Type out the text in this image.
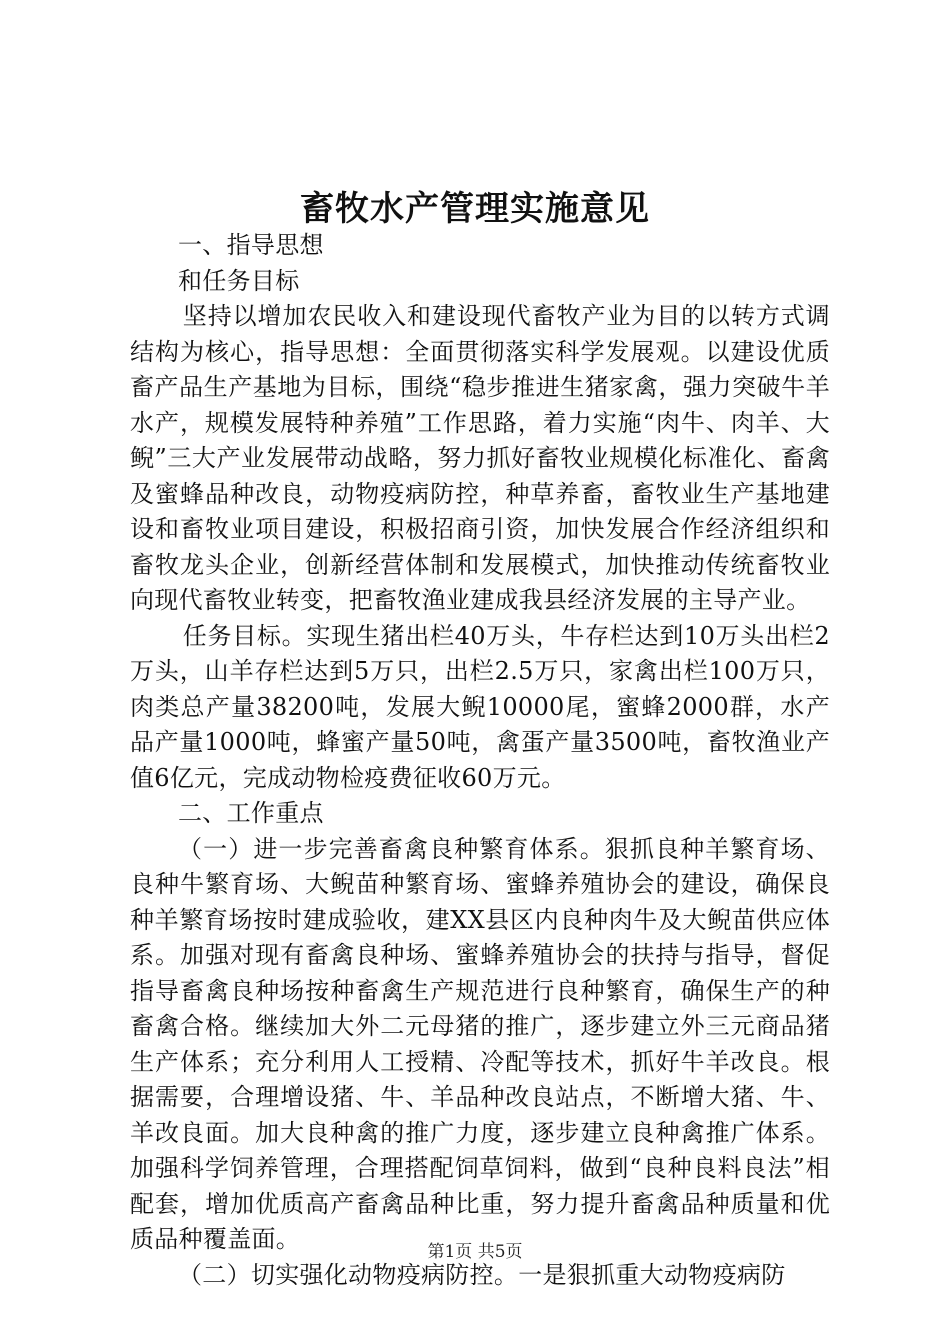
畜牧水产管理实施意见

一、指导思想

和任务目标

坚持以增加农民收入和建设现代畜牧产业为目的以转方式调结构为核心，指导思想：全面贯彻落实科学发展观。以建设优质畜产品生产基地为目标，围绕“稳步推进生猪家禽，强力突破牛羊水产，规模发展特种养殖”工作思路，着力实施“肉牛、肉羊、大鲵”三大产业发展带动战略，努力抓好畜牧业规模化标准化、畜禽及蜜蜂品种改良，动物疫病防控，种草养畜，畜牧业生产基地建设和畜牧业项目建设，积极招商引资，加快发展合作经济组织和畜牧龙头企业，创新经营体制和发展模式，加快推动传统畜牧业向现代畜牧业转变，把畜牧渔业建成我县经济发展的主导产业。

任务目标。实现生猪出栏40万头，牛存栏达到10万头出栏2万头，山羊存栏达到5万只，出栏2.5万只，家禽出栏100万只，肉类总产量38200吨，发展大鲵10000尾，蜜蜂2000群，水产品产量1000吨，蜂蜜产量50吨，禽蛋产量3500吨，畜牧渔业产值6亿元，完成动物检疫费征收60万元。

二、工作重点

（一）进一步完善畜禽良种繁育体系。狠抓良种羊繁育场、良种牛繁育场、大鲵苗种繁育场、蜜蜂养殖协会的建设，确保良种羊繁育场按时建成验收，建XX县区内良种肉牛及大鲵苗供应体系。加强对现有畜禽良种场、蜜蜂养殖协会的扶持与指导，督促指导畜禽良种场按种畜禽生产规范进行良种繁育，确保生产的种畜禽合格。继续加大外二元母猪的推广，逐步建立外三元商品猪生产体系；充分利用人工授精、冷配等技术，抓好牛羊改良。根据需要，合理增设猪、牛、羊品种改良站点，不断增大猪、牛、羊改良面。加大良种禽的推广力度，逐步建立良种禽推广体系。加强科学饲养管理，合理搭配饲草饲料，做到“良种良料良法”相配套，增加优质高产畜禽品种比重，努力提升畜禽品种质量和优质品种覆盖面。

（二）切实强化动物疫病防控。一是狠抓重大动物疫病防

第1页 共5页
